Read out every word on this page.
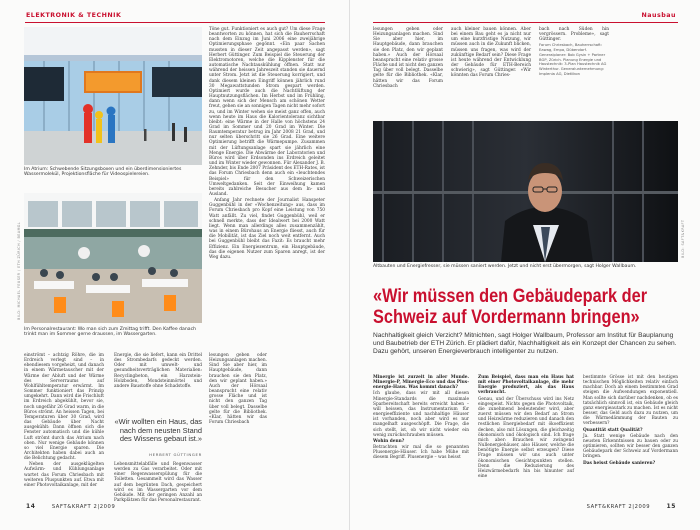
ELEKTRONIK & TECHNIK
Im Atrium: Schwebende Sitzungsboxen und ein überdimensioniertes Wassermolekül, Projektionsfläche für Videospielereien.
BILD: MICHAEL FEUSER / ETH ZÜRICH / BEAMGL
Im Personalrestaurant: Wo man sich zum Zmittag trifft. Den Kaffee danach trinkt man im Sommer gerne draussen, im Wassergarten.

Töne gut. Funktioniert es auch gut? Um diese Frage beantworten zu können, hat sich die Bauherrschaft nach dem Einzug im Juni 2006 eine zweijährige Optimierungsphase gegönnt. «Ein paar Sachen mussten in dieser Zeit angepasst werden», sagt Herbert Güttinger. Zum Beispiel die Steuerung der Elektromotoren, welche die Kipplenster für die automatische Nachtauskühlung öffnen. Statt nur während der heissen Jahreszeit standen sie dauernd unter Strom. Jetzt ist die Steuerung korrigiert, und dank diesem kleinen Eingriff können jährlich rund 30 Megawattstunden Strom gespart werden. Optimiert wurde auch die Nachtlüftung der Hauptnutzungsflächen. Im Herbst und im Frühling, dann wenn sich der Mensch am schönen Wetter freut, gehen sie an sonnigen Tagen nicht mehr sofort zu, und im Winter wehen sie meist ganz offen, auch wenn heute im Haus die Kalorientoleranz sichtbar bleibt: eine Wärme in der Halle von höchstens 24 Grad im Sommer und 20 Grad im Winter. Die Raumtemperatur betrug im Jahr 2008 21 Grad, und nur selten überschritt sie 26 Grad. Eine weitere Optimierung betrifft die Wärmepumpe. Zusammen mit der Lüftungsanlage spart sie jährlich eine Menge Energie. Die Abwärme der Laboratorien und Büros wird über Erdsonden ins Erdreich geleitet und im Winter wieder gewonnen. Für Alexander J. B. Zehnder, bis Ende 2007 Präsident des ETH-Rates, ist das Forum Chriesbach denn auch ein «leuchtendes Beispiel» für den Schweizerischen Umweltgedanken. Seit der Einweihung kamen bereits zahlreiche Besucher aus dem In- und Ausland.

Anfang Jahr rechnete der Journalist Hanspeter Guggenbühl in der «Wochenzeitung» aus, dass im Forum Chriesbach pro Kopf eine Leistung von 750 Watt anfällt. Zu viel, findet Guggenbühl, weil er schnell merkte, dass der Idealwert bei 2000 Watt liegt. Wenn man allerdings alles zusammenzählt, was in einem Bürohaus an Energie fliesst, auch für die Mobilität, ist das Ziel noch weit entfernt. Auch bei Guggenbühl bleibt das Fazit: Es braucht mehr Effizienz. Ein Energiezentrum, ein Hauptgebäude, das die eigenen Nutzer zum Sparen anregt, ist der Weg dazu.

einströmt – achtzig Röhre, die im Erdreich verlegt sind – in ebendiesem vorgeheizt, und danach in einem Wärmetauscher mit der Wärme der Abluft und der Wärme des Serverraums auf Wohlfühltemperatur erwärmt. Im Sommer funktioniert das Prinzip umgekehrt. Dann wird die Frischluft im Erdreich abgekühlt, bevor sie, noch ungefähr 26 Grad warm, in die Büros strömt. An heissen Tagen, bei Temperaturen über 30 Grad, wird das Gebäude über Nacht ausgekühlt: Dann öffnen sich die Fenster automatisch und die kühle Luft strömt durch das Atrium nach oben. Nur wenige Gebäude können so viel Energie sparen. Die Architekten haben dabei auch an die Belichtung gedacht.

Neben der ausgeklügelten Aufwärm- und Kühlungsanlage wartet das Forum Chriesbach mit weiteren Pluspunkten auf. Etwa mit einer Photovoltaikanlage, mit der

Energie, die sie liefert, kann ein Drittel des Strombedarfs gedeckt werden. Oder mit umwelt- und gesundheitsverträglichen Materialien: Recyclingbeton, ein Harzstein-Holzboden, Mondsteinmörtel und andere Baustoffe ohne Schadstoffe.

«Wir wollten ein Haus, das nach dem neusten Stand des Wissens gebaut ist.»
HERBERT GÜTTINGER

Lebensmittelabfälle und Regenwasser werden zu Gas verarbeitet. Oder mit einer Regenwasserspülung für die Toiletten. Gesammelt wird das Wasser auf dem begrünten Dach, gespeichert wird es im Wassergarten vor dem Gebäude. Mit der geringen Anzahl an Parkplätzen für das Personalrestaurant.

lesungen geben oder Heizungsanlagen machen. Sind Sie aber hier, im Hauptgebäude, dann brauchen sie den Platz, den wir geplant haben.» Auch der Hörsaal beansprucht eine relativ grosse Fläche und ist nicht den ganzen Tag über voll belegt. Dasselbe gelte für die Bibliothek. «Klar, hätten wir das Forum Chriesbach

14	SAFT&KRAFT 2|2009
Nausbau

lesungen geben oder Heizungsanlagen machen. Sind Sie aber hier, im Hauptgebäude, dann brauchen sie den Platz, den wir geplant haben.» Auch der Hörsaal beansprucht eine relativ grosse Fläche und ist nicht den ganzen Tag über voll belegt. Dasselbe gelte für die Bibliothek. «Klar, hätten wir das Forum Chriesbach

auch kleiner bauen können. Aber bei einem Bau geht es ja nicht nur um eine kurzfristige Nutzung, wir müssen auch in die Zukunft blicken, müssen uns fragen, was wird der zukünftige Bedarf sein? Diese Frage ist heute während der Entwicklung der Gebäude für ETH-Bereich schwierig», sagt Güttinger. «Wir könnten das Forum Chries-

bach nach Süden hin vergrössern. Probleme», sagt Güttinger.

Forum Chriesbach, Bauherrschaft: Eawag, Empa, Dübendorf. Generalplaner: Bob Gysin + Partner BGP, Zürich. Planung Energie und Haustechnik: 3-Plan Haustechnik AG Winterthur. Generalunternehmung: Implenia AG, Dietlikon

BILD: SAFT&KRAFT
Altbauten und Energiefresser, sie müssen saniert werden. Jetzt und nicht erst übermorgen, sagt Holger Wallbaum.
«Wir müssen den Gebäudepark der Schweiz auf Vordermann bringen»
Nachhaltigkeit gleich Verzicht? Mitnichten, sagt Holger Wallbaum, Professor am Institut für Bauplanung und Baubetrieb der ETH Zürich. Er plädiert dafür, Nachhaltigkeit als ein Konzept der Chancen zu sehen. Dazu gehört, unseren Energieverbrauch intelligenter zu nutzen.

Minergie ist zurzeit in aller Munde. Minergie-P, Minergie-Eco und das Plus-energie-Haus. Was kommt danach?

Ich glaube, dass wir mit all diesen Minergie-Standards die maximale Sparbereitschaft bereits erreicht haben – will heissen, das Instrumentarium für energieeffiziente und nachhaltige Häuser ist vorhanden, noch aber wird es nur mangelhaft ausgeschöpft. Die Frage, die sich stellt, ist, ob wir nicht wieder ein wenig zurückschrauben müssen.

Wohin denn?

Betrachten wir mal die so genannten Plusenergie-Häuser. Ich habe Mühe mit diesem Begriff. Plusenergie – was heisst

Zum Beispiel, dass man ein Haus hat mit einer Photovoltaikanlage, die mehr Energie produziert, als das Haus verbraucht.

Genau, und der Überschuss wird ins Netz eingespeist. Nichts gegen die Photovoltaik, die zunehmend bedeutender wird, aber zuerst müssen wir den Bedarf an Strom und Heizwärme reduzieren und danach den restlichen Energiebedarf mit ökoeffizient decken, also mit Lösungen, die gleichzeitig ökonomisch und ökologisch sind. Ich frage mich aber: Brauchen wir zwingend Nullenergiehäuser, also Häuser, welche die benötigte Energie selbst erzeugen? Diese Frage müssen wir uns auch unter ökonomischen Gesichtspunkten stellen. Denn die Reduzierung des Heizwärmebedarfs hin bis hinunter auf eine

bestimmte Grösse ist mit den heutigen technischen Möglichkeiten relativ einfach machbar. Doch ab einem bestimmten Grad steigen die Aufwendungen exponentiell. Man sollte sich darüber nachdenken, ob es tatsächlich sinnvoll ist, ein Gebäude gleich ganz energieautark zu machen. Ist es nicht besser, das Geld auch dazu zu nutzen, um die Wärmedämmung der Bauten zu verbessern?

Quantität statt Qualität?

Ja. Statt wenige Gebäude nach den neusten Erkenntnissen zu bauen oder zu optimieren, sollten wir besser den ganzen Gebäudepark der Schweiz auf Vordermann bringen.

Das heisst Gebäude sanieren?

SAFT&KRAFT 2|2009	15
